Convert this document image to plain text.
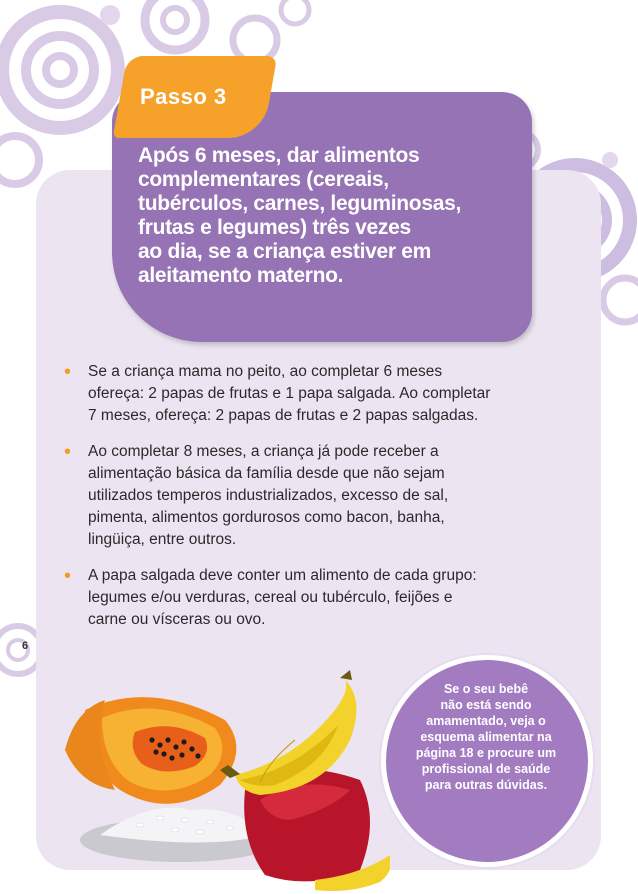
Passo 3
Após 6 meses, dar alimentos
complementares (cereais,
tubérculos, carnes, leguminosas,
frutas e legumes) três vezes
ao dia, se a criança estiver em
aleitamento materno.
• Se a criança mama no peito, ao completar 6 meses
ofereça: 2 papas de frutas e 1 papa salgada. Ao completar
7 meses, ofereça: 2 papas de frutas e 2 papas salgadas.
• Ao completar 8 meses, a criança já pode receber a
alimentação básica da família desde que não sejam
utilizados temperos industrializados, excesso de sal,
pimenta, alimentos gordurosos como bacon, banha,
lingüiça, entre outros.
• A papa salgada deve conter um alimento de cada grupo:
legumes e/ou verduras, cereal ou tubérculo, feijões e
carne ou vísceras ou ovo.
6
Se o seu bebê
não está sendo
amamentado, veja o
esquema alimentar na
página 18 e procure um
profissional de saúde
para outras dúvidas.
